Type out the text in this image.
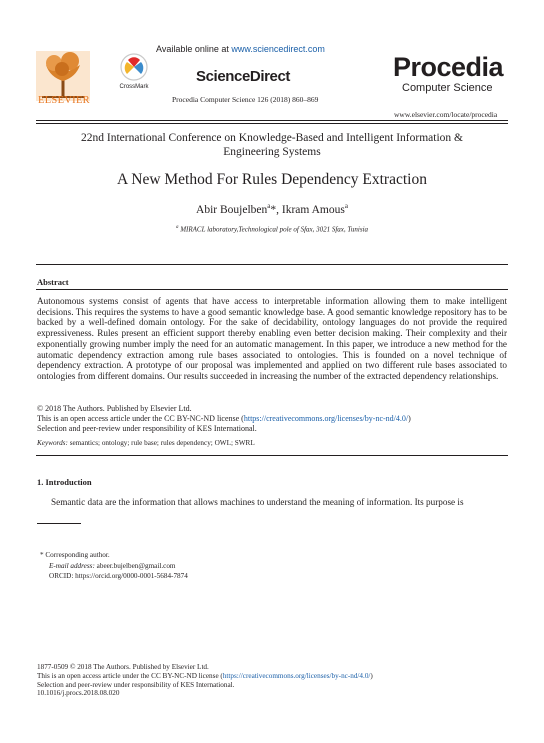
ELSEVIER
Available online at www.sciencedirect.com
CrossMark
ScienceDirect
Procedia Computer Science 126 (2018) 860–869
Procedia
Computer Science
www.elsevier.com/locate/procedia
22nd International Conference on Knowledge-Based and Intelligent Information &
Engineering Systems
A New Method For Rules Dependency Extraction
Abir Boujelben$^a$*, Ikram Amous$^a$
$^a$ MIRACL laboratory,Technological pole of Sfax, 3021 Sfax, Tunisia
Abstract
Autonomous systems consist of agents that have access to interpretable information allowing them to make intelligent decisions. This requires the systems to have a good semantic knowledge base. A good semantic knowledge repository has to be backed by a well-defined domain ontology. For the sake of decidability, ontology languages do not provide the required expressiveness. Rules present an efficient support thereby enabling even better decision making. Their complexity and their exponentially growing number imply the need for an automatic management. In this paper, we introduce a new method for the automatic dependency extraction among rule bases associated to ontologies. This is founded on a novel technique of dependency extraction. A prototype of our proposal was implemented and applied on two different rule bases associated to ontologies from different domains. Our results succeeded in increasing the number of the extracted dependency relationships.
© 2018 The Authors. Published by Elsevier Ltd.
This is an open access article under the CC BY-NC-ND license (https://creativecommons.org/licenses/by-nc-nd/4.0/)
Selection and peer-review under responsibility of KES International.
Keywords: semantics; ontology; rule base; rules dependency; OWL; SWRL
1. Introduction
Semantic data are the information that allows machines to understand the meaning of information. Its purpose is
* Corresponding author.
E-mail address: abeer.bujelben@gmail.com
ORCID: https://orcid.org/0000-0001-5684-7874
1877-0509 © 2018 The Authors. Published by Elsevier Ltd.
This is an open access article under the CC BY-NC-ND license (https://creativecommons.org/licenses/by-nc-nd/4.0/)
Selection and peer-review under responsibility of KES International.
10.1016/j.procs.2018.08.020
